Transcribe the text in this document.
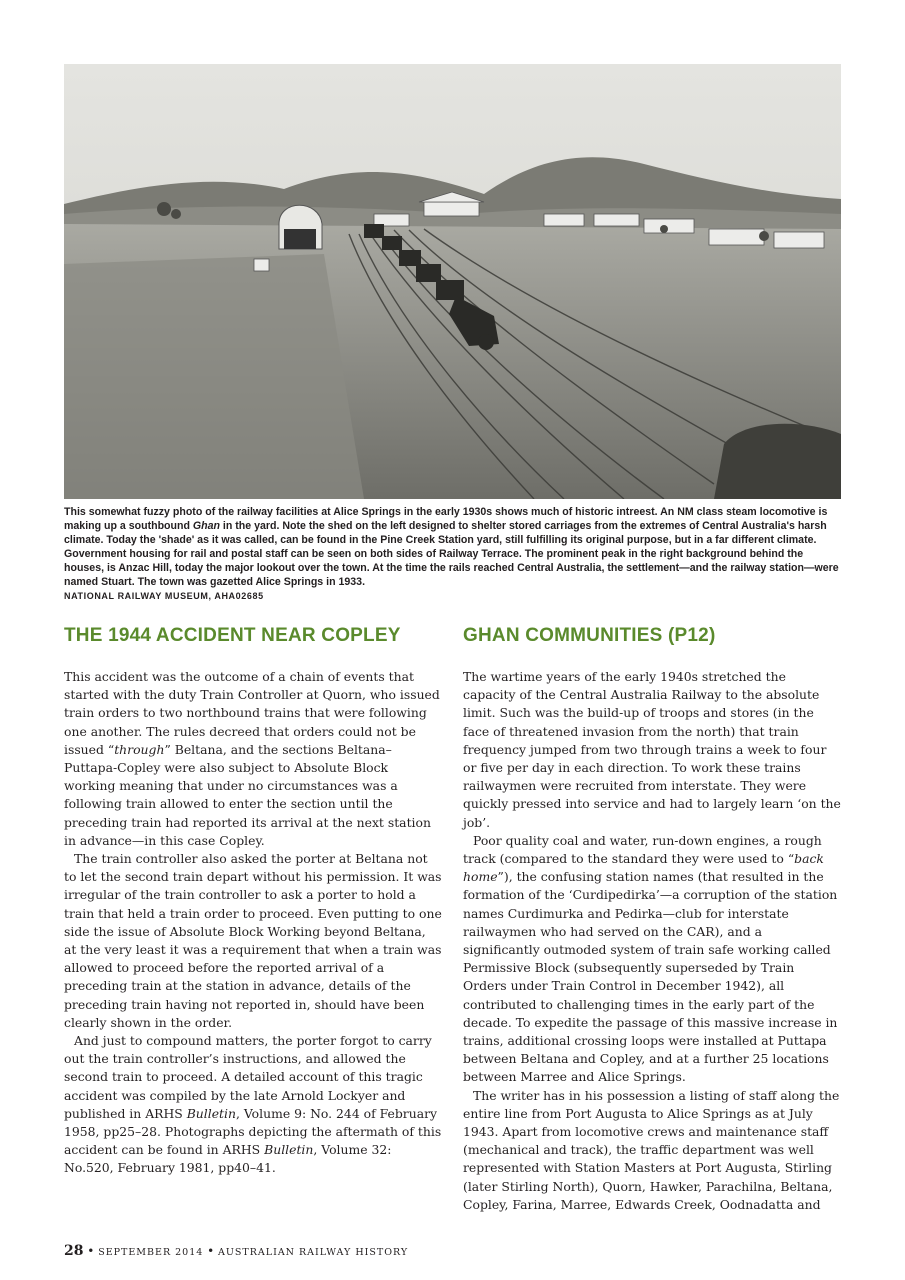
This somewhat fuzzy photo of the railway facilities at Alice Springs in the early 1930s shows much of historic intreest. An NM class steam locomotive is making up a southbound Ghan in the yard. Note the shed on the left designed to shelter stored carriages from the extremes of Central Australia's harsh climate. Today the 'shade' as it was called, can be found in the Pine Creek Station yard, still fulfilling its original purpose, but in a far different climate. Government housing for rail and postal staff can be seen on both sides of Railway Terrace. The prominent peak in the right background behind the houses, is Anzac Hill, today the major lookout over the town. At the time the rails reached Central Australia, the settlement—and the railway station—were named Stuart. The town was gazetted Alice Springs in 1933.
NATIONAL RAILWAY MUSEUM, AHA02685
THE 1944 ACCIDENT NEAR COPLEY

This accident was the outcome of a chain of events that started with the duty Train Controller at Quorn, who issued train orders to two northbound trains that were following one another. The rules decreed that orders could not be issued “through” Beltana, and the sections Beltana–Puttapa-Copley were also subject to Absolute Block working meaning that under no circumstances was a following train allowed to enter the section until the preceding train had reported its arrival at the next station in advance—in this case Copley.

The train controller also asked the porter at Beltana not to let the second train depart without his permission. It was irregular of the train controller to ask a porter to hold a train that held a train order to proceed. Even putting to one side the issue of Absolute Block Working beyond Beltana, at the very least it was a requirement that when a train was allowed to proceed before the reported arrival of a preceding train at the station in advance, details of the preceding train having not reported in, should have been clearly shown in the order.

And just to compound matters, the porter forgot to carry out the train controller’s instructions, and allowed the second train to proceed. A detailed account of this tragic accident was compiled by the late Arnold Lockyer and published in ARHS Bulletin, Volume 9: No. 244 of February 1958, pp25–28. Photographs depicting the aftermath of this accident can be found in ARHS Bulletin, Volume 32: No.520, February 1981, pp40–41.

GHAN COMMUNITIES (P12)

The wartime years of the early 1940s stretched the capacity of the Central Australia Railway to the absolute limit. Such was the build-up of troops and stores (in the face of threatened invasion from the north) that train frequency jumped from two through trains a week to four or five per day in each direction. To work these trains railwaymen were recruited from interstate. They were quickly pressed into service and had to largely learn ‘on the job’.

Poor quality coal and water, run-down engines, a rough track (compared to the standard they were used to “back home”), the confusing station names (that resulted in the formation of the ‘Curdipedirka’—a corruption of the station names Curdimurka and Pedirka—club for interstate railwaymen who had served on the CAR), and a significantly outmoded system of train safe working called Permissive Block (subsequently superseded by Train Orders under Train Control in December 1942), all contributed to challenging times in the early part of the decade. To expedite the passage of this massive increase in trains, additional crossing loops were installed at Puttapa between Beltana and Copley, and at a further 25 locations between Marree and Alice Springs.

The writer has in his possession a listing of staff along the entire line from Port Augusta to Alice Springs as at July 1943. Apart from locomotive crews and maintenance staff (mechanical and track), the traffic department was well represented with Station Masters at Port Augusta, Stirling (later Stirling North), Quorn, Hawker, Parachilna, Beltana, Copley, Farina, Marree, Edwards Creek, Oodnadatta and

28 • SEPTEMBER 2014 • AUSTRALIAN RAILWAY HISTORY
